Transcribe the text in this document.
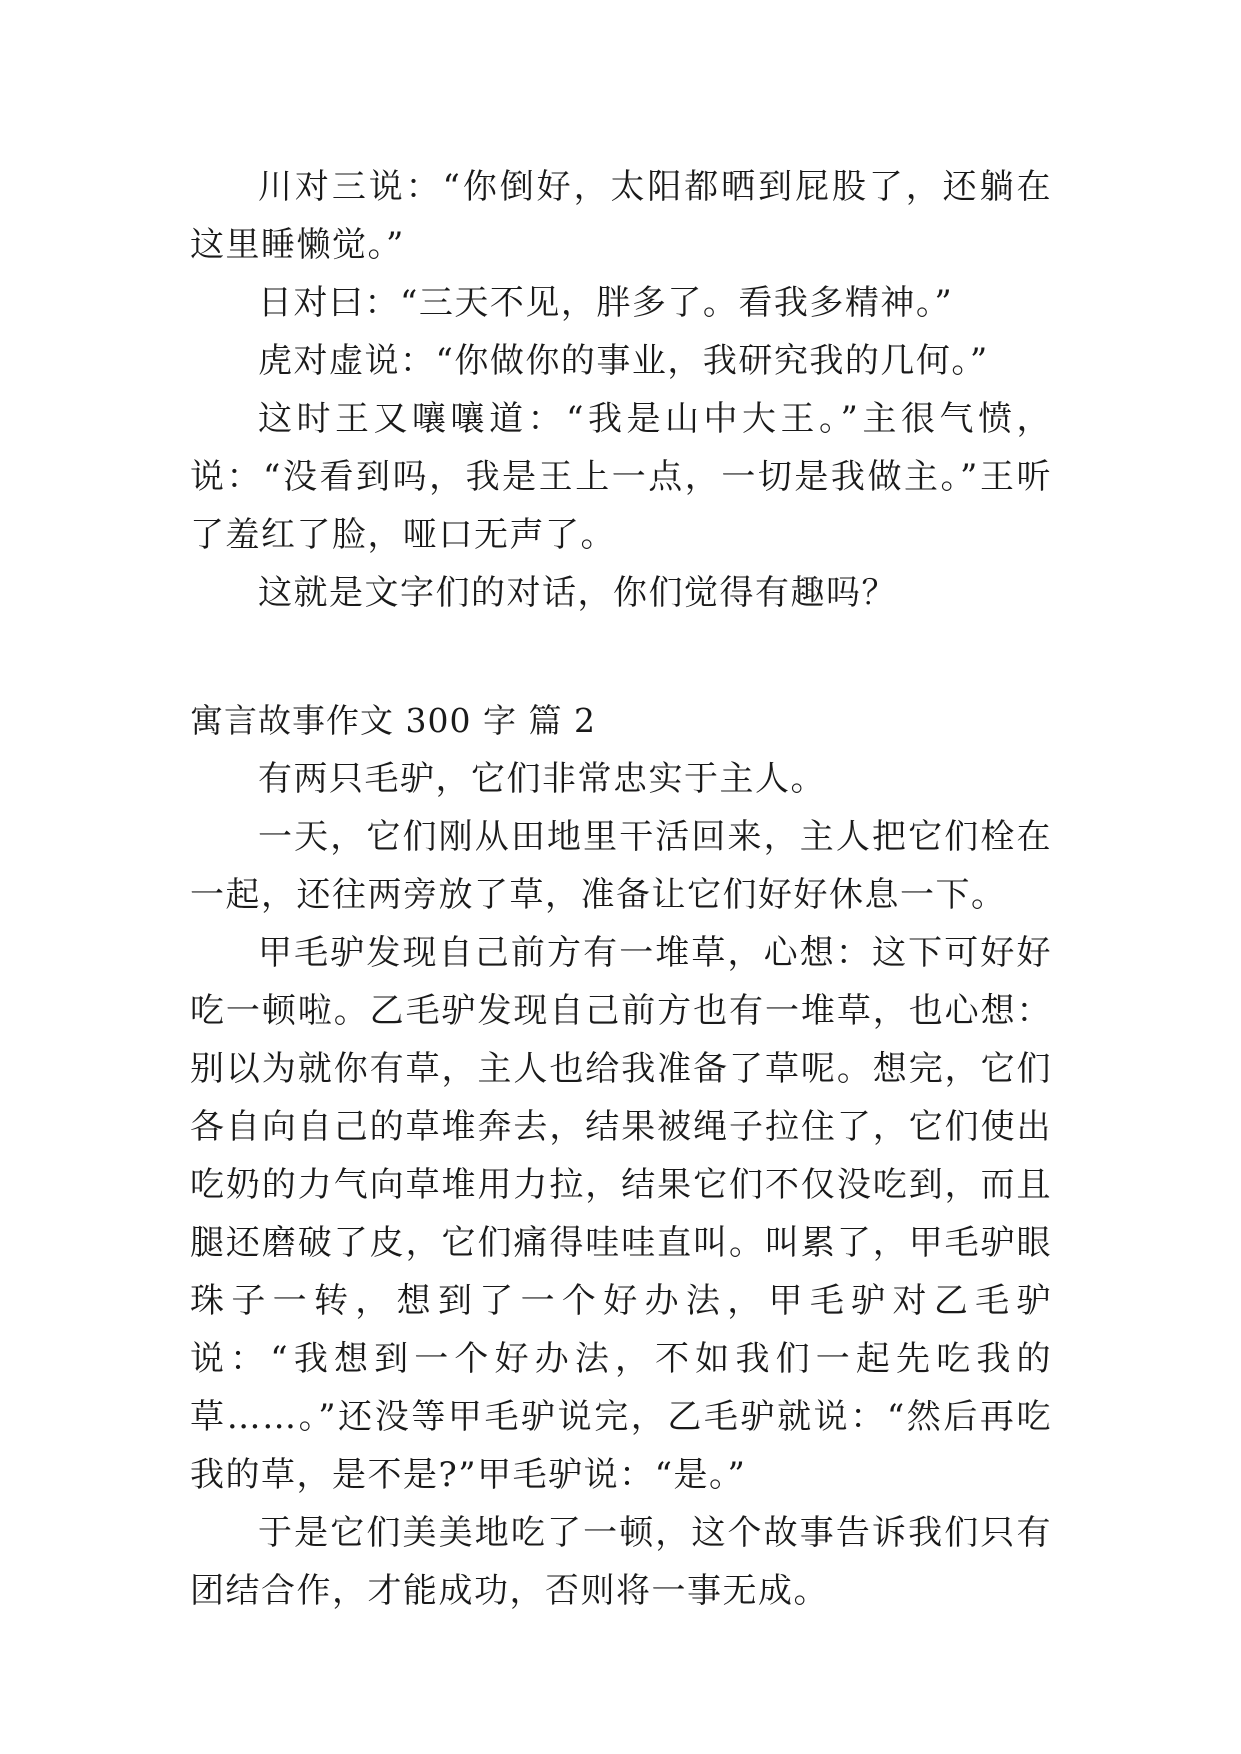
川对三说：“你倒好，太阳都晒到屁股了，还躺在这里睡懒觉。”

日对曰：“三天不见，胖多了。看我多精神。”

虎对虚说：“你做你的事业，我研究我的几何。”

这时王又嚷嚷道：“我是山中大王。”主很气愤，说：“没看到吗，我是王上一点，一切是我做主。”王听了羞红了脸，哑口无声了。

这就是文字们的对话，你们觉得有趣吗？

寓言故事作文 300 字 篇 2

有两只毛驴，它们非常忠实于主人。

一天，它们刚从田地里干活回来，主人把它们栓在一起，还往两旁放了草，准备让它们好好休息一下。

甲毛驴发现自己前方有一堆草，心想：这下可好好吃一顿啦。乙毛驴发现自己前方也有一堆草，也心想：别以为就你有草，主人也给我准备了草呢。想完，它们各自向自己的草堆奔去，结果被绳子拉住了，它们使出吃奶的力气向草堆用力拉，结果它们不仅没吃到，而且腿还磨破了皮，它们痛得哇哇直叫。叫累了，甲毛驴眼珠子一转，想到了一个好办法，甲毛驴对乙毛驴说：“我想到一个好办法，不如我们一起先吃我的草……。”还没等甲毛驴说完，乙毛驴就说：“然后再吃我的草，是不是?”甲毛驴说：“是。”

于是它们美美地吃了一顿，这个故事告诉我们只有团结合作，才能成功，否则将一事无成。
